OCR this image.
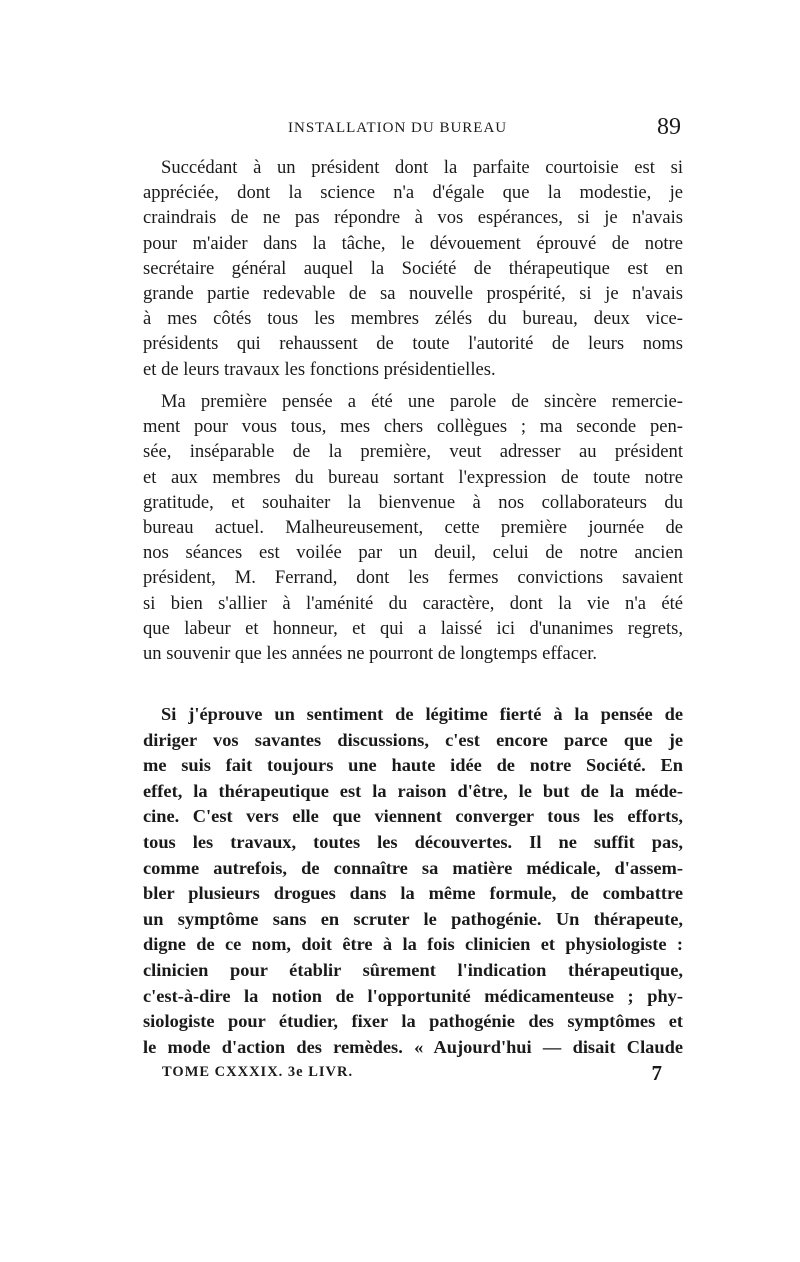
INSTALLATION DU BUREAU	89
Succédant à un président dont la parfaite courtoisie est si
appréciée, dont la science n'a d'égale que la modestie, je
craindrais de ne pas répondre à vos espérances, si je n'avais
pour m'aider dans la tâche, le dévouement éprouvé de notre
secrétaire général auquel la Société de thérapeutique est en
grande partie redevable de sa nouvelle prospérité, si je n'avais
à mes côtés tous les membres zélés du bureau, deux vice-
présidents qui rehaussent de toute l'autorité de leurs noms
et de leurs travaux les fonctions présidentielles.
Ma première pensée a été une parole de sincère remercie-
ment pour vous tous, mes chers collègues ; ma seconde pen-
sée, inséparable de la première, veut adresser au président
et aux membres du bureau sortant l'expression de toute notre
gratitude, et souhaiter la bienvenue à nos collaborateurs du
bureau actuel. Malheureusement, cette première journée de
nos séances est voilée par un deuil, celui de notre ancien
président, M. Ferrand, dont les fermes convictions savaient
si bien s'allier à l'aménité du caractère, dont la vie n'a été
que labeur et honneur, et qui a laissé ici d'unanimes regrets,
un souvenir que les années ne pourront de longtemps effacer.
Si j'éprouve un sentiment de légitime fierté à la pensée de
diriger vos savantes discussions, c'est encore parce que je
me suis fait toujours une haute idée de notre Société. En
effet, la thérapeutique est la raison d'être, le but de la méde-
cine. C'est vers elle que viennent converger tous les efforts,
tous les travaux, toutes les découvertes. Il ne suffit pas,
comme autrefois, de connaître sa matière médicale, d'assem-
bler plusieurs drogues dans la même formule, de combattre
un symptôme sans en scruter le pathogénie. Un thérapeute,
digne de ce nom, doit être à la fois clinicien et physiologiste :
clinicien pour établir sûrement l'indication thérapeutique,
c'est-à-dire la notion de l'opportunité médicamenteuse ; phy-
siologiste pour étudier, fixer la pathogénie des symptômes et
le mode d'action des remèdes. « Aujourd'hui — disait Claude
TOME CXXXIX. 3e LIVR.	7
